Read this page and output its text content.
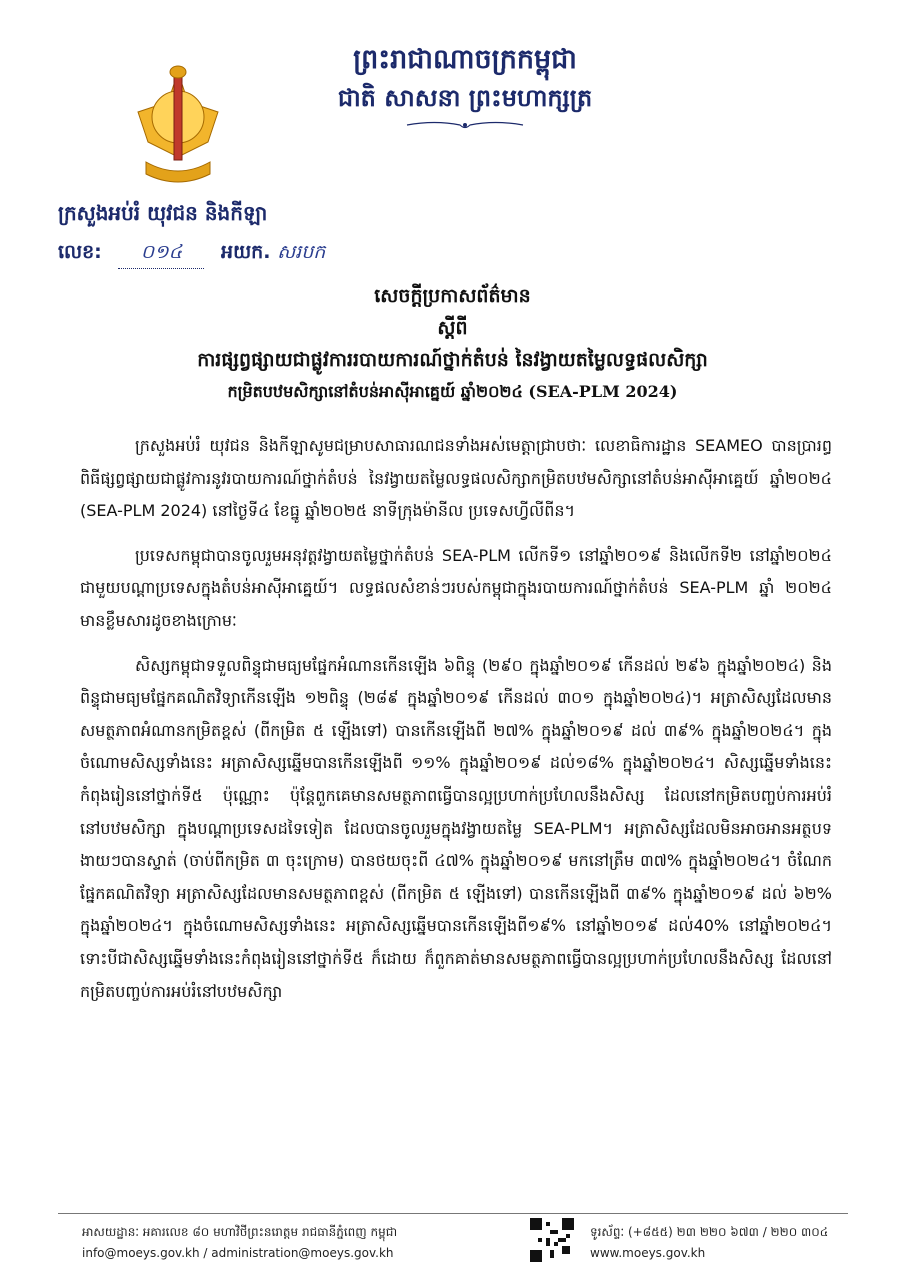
ព្រះរាជាណាចក្រកម្ពុជា
ជាតិ សាសនា ព្រះមហាក្សត្រ
ក្រសួងអប់រំ យុវជន និងកីឡា
លេខ: ០១៤ អយក. សរបក
សេចក្តីប្រកាសព័ត៌មាន
ស្តីពី
ការផ្សព្វផ្សាយជាផ្លូវការរបាយការណ៍ថ្នាក់តំបន់ នៃវង្វាយតម្លៃលទ្ធផលសិក្សា
កម្រិតបឋមសិក្សានៅតំបន់អាស៊ីអាគ្នេយ៍ ឆ្នាំ២០២៤ (SEA-PLM 2024)

ក្រសួងអប់រំ យុវជន និងកីឡាសូមជម្រាបសាធារណជនទាំងអស់មេត្តាជ្រាបថាៈ លេខាធិការដ្ឋាន SEAMEO បានប្រារព្ធពិធីផ្សព្វផ្សាយជាផ្លូវការនូវរបាយការណ៍ថ្នាក់តំបន់ នៃវង្វាយតម្លៃលទ្ធផលសិក្សាកម្រិតបឋមសិក្សានៅតំបន់អាស៊ីអាគ្នេយ៍ ឆ្នាំ២០២៤ (SEA-PLM 2024) នៅថ្ងៃទី៤ ខែធ្នូ ឆ្នាំ២០២៥ នាទីក្រុងម៉ានីល ប្រទេសហ្វីលីពីន។

ប្រទេសកម្ពុជាបានចូលរួមអនុវត្តវង្វាយតម្លៃថ្នាក់តំបន់ SEA-PLM លើកទី១ នៅឆ្នាំ២០១៩ និងលើកទី២ នៅឆ្នាំ២០២៤ ជាមួយបណ្តាប្រទេសក្នុងតំបន់អាស៊ីអាគ្នេយ៍។ លទ្ធផលសំខាន់ៗរបស់កម្ពុជាក្នុងរបាយការណ៍ថ្នាក់តំបន់ SEA-PLM ឆ្នាំ ២០២៤ មានខ្លឹមសារដូចខាងក្រោមៈ

សិស្សកម្ពុជាទទួលពិន្ទុជាមធ្យមផ្នែកអំណានកើនឡើង ៦ពិន្ទុ (២៩០ ក្នុងឆ្នាំ២០១៩ កើនដល់ ២៩៦ ក្នុងឆ្នាំ២០២៤) និងពិន្ទុជាមធ្យមផ្នែកគណិតវិទ្យាកើនឡើង ១២ពិន្ទុ (២៨៩ ក្នុងឆ្នាំ២០១៩ កើនដល់ ៣០១ ក្នុងឆ្នាំ២០២៤)។ អត្រាសិស្សដែលមានសមត្ថភាពអំណានកម្រិតខ្ពស់ (ពីកម្រិត ៥ ឡើងទៅ) បានកើនឡើងពី ២៧% ក្នុងឆ្នាំ២០១៩ ដល់ ៣៩% ក្នុងឆ្នាំ២០២៤។ ក្នុងចំណោមសិស្សទាំងនេះ អត្រាសិស្សឆ្នើមបានកើនឡើងពី ១១% ក្នុងឆ្នាំ២០១៩ ដល់១៨% ក្នុងឆ្នាំ២០២៤។ សិស្សឆ្នើមទាំងនេះកំពុងរៀននៅថ្នាក់ទី៥ ប៉ុណ្ណោះ ប៉ុន្តែពួកគេមានសមត្ថភាពធ្វើបានល្អប្រហាក់ប្រហែលនឹងសិស្ស ដែលនៅកម្រិតបញ្ចប់ការអប់រំនៅបឋមសិក្សា ក្នុងបណ្តាប្រទេសដទៃទៀត ដែលបានចូលរួមក្នុងវង្វាយតម្លៃ SEA-PLM។ អត្រាសិស្សដែលមិនអាចអានអត្ថបទងាយៗបានស្ទាត់ (ចាប់ពីកម្រិត ៣ ចុះក្រោម) បានថយចុះពី ៤៧% ក្នុងឆ្នាំ២០១៩ មកនៅត្រឹម ៣៧% ក្នុងឆ្នាំ២០២៤។ ចំណែកផ្នែកគណិតវិទ្យា អត្រាសិស្សដែលមានសមត្ថភាពខ្ពស់ (ពីកម្រិត ៥ ឡើងទៅ) បានកើនឡើងពី ៣៩% ក្នុងឆ្នាំ២០១៩ ដល់ ៦២% ក្នុងឆ្នាំ២០២៤។ ក្នុងចំណោមសិស្សទាំងនេះ អត្រាសិស្សឆ្នើមបានកើនឡើងពី១៩% នៅឆ្នាំ២០១៩ ដល់40% នៅឆ្នាំ២០២៤។ ទោះបីជាសិស្សឆ្នើមទាំងនេះកំពុងរៀននៅថ្នាក់ទី៥ ក៏ដោយ ក៏ពួកគាត់មានសមត្ថភាពធ្វើបានល្អប្រហាក់ប្រហែលនឹងសិស្ស ដែលនៅកម្រិតបញ្ចប់ការអប់រំនៅបឋមសិក្សា

អាសយដ្ឋានៈ អគារលេខ ៨០ មហាវិថីព្រះនរោត្តម រាជធានីភ្នំពេញ កម្ពុជា
info@moeys.gov.kh / administration@moeys.gov.kh
ទូរស័ព្ទៈ (+៨៥៥) ២៣ ២២០ ៦៧៣ / ២២០ ៣០៤
www.moeys.gov.kh
